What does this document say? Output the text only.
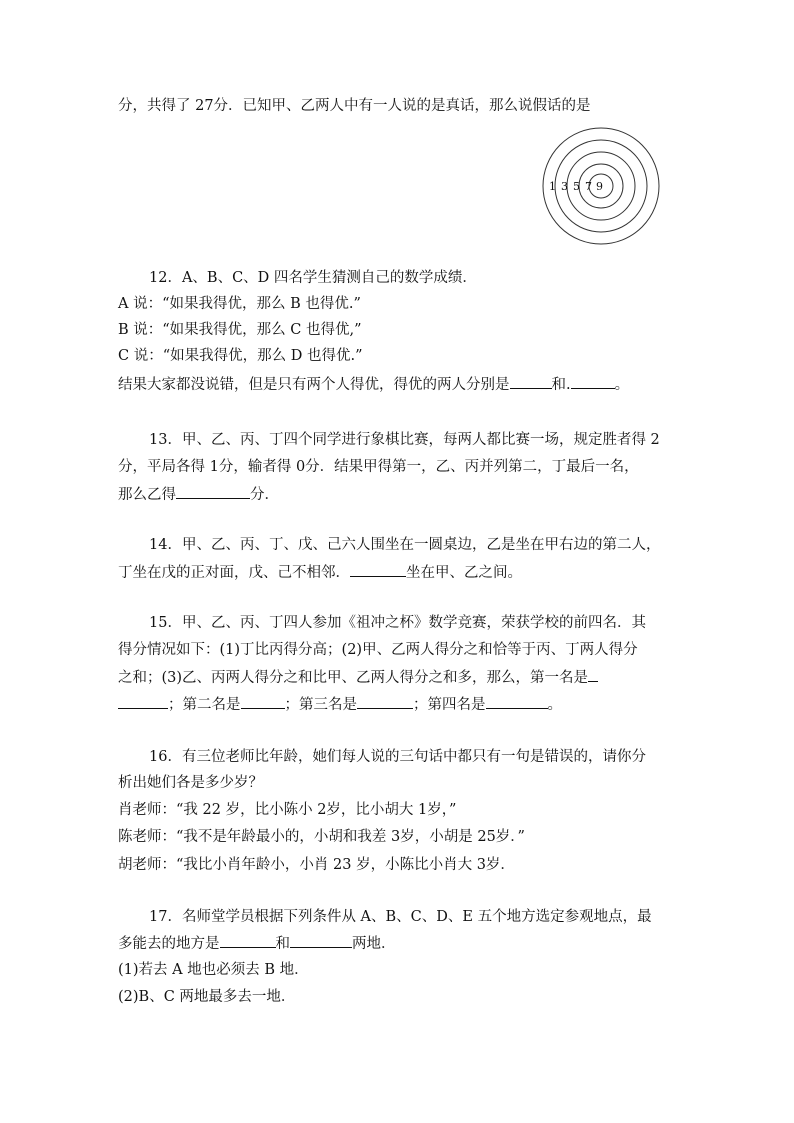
分，共得了 27分．已知甲、乙两人中有一人说的是真话，那么说假话的是
1 3 5 7 9
12．A、B、C、D 四名学生猜测自己的数学成绩．
A 说：“如果我得优，那么 B 也得优.”
B 说：“如果我得优，那么 C 也得优,”
C 说：“如果我得优，那么 D 也得优.”
结果大家都没说错，但是只有两个人得优，得优的两人分别是	和.	。
13．甲、乙、丙、丁四个同学进行象棋比赛，每两人都比赛一场，规定胜者得 2
分，平局各得 1分，输者得 0分．结果甲得第一，乙、丙并列第二，丁最后一名，
那么乙得	分．
14．甲、乙、丙、丁、戊、己六人围坐在一圆桌边，乙是坐在甲右边的第二人，
丁坐在戊的正对面，戊、己不相邻．	坐在甲、乙之间。
15．甲、乙、丙、丁四人参加《祖冲之杯》数学竞赛，荣获学校的前四名．其
得分情况如下：(1)丁比丙得分高；(2)甲、乙两人得分之和恰等于丙、丁两人得分
之和；(3)乙、丙两人得分之和比甲、乙两人得分之和多，那么，第一名是
；第二名是	；第三名是	；第四名是	。
16．有三位老师比年龄，她们每人说的三句话中都只有一句是错误的，请你分
析出她们各是多少岁？
肖老师：“我 22 岁，比小陈小 2岁，比小胡大 1岁，”
陈老师：“我不是年龄最小的，小胡和我差 3岁，小胡是 25岁．”
胡老师：“我比小肖年龄小，小肖 23 岁，小陈比小肖大 3岁．
17．名师堂学员根据下列条件从 A、B、C、D、E 五个地方选定参观地点，最
多能去的地方是	和	两地．
(1)若去 A 地也必须去 B 地．
(2)B、C 两地最多去一地．
